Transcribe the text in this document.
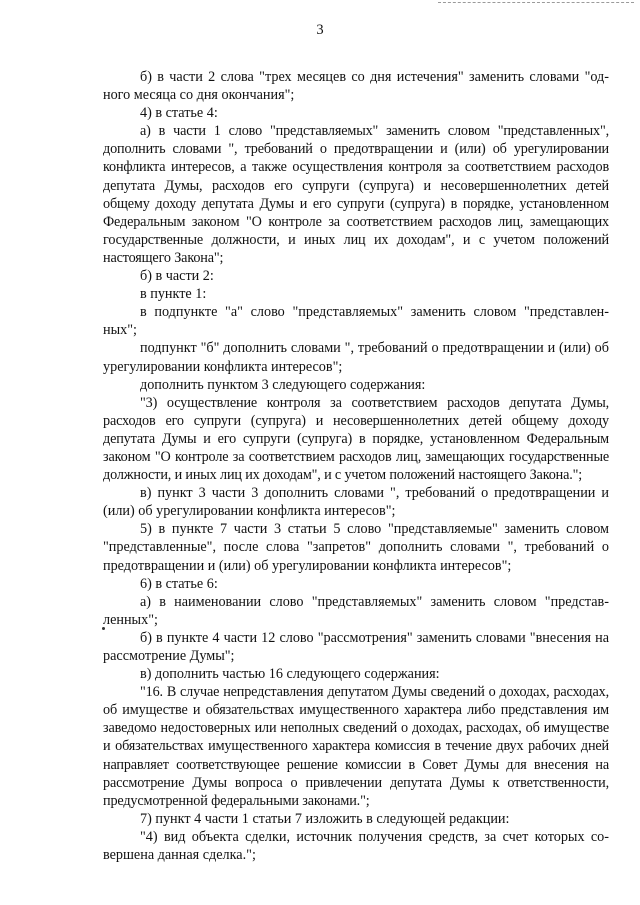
3

б) в части 2 слова "трех месяцев со дня истечения" заменить словами "одного месяца со дня окончания";

4) в статье 4:

а) в части 1 слово "представляемых" заменить словом "представленных", дополнить словами ", требований о предотвращении и (или) об урегулировании конфликта интересов, а также осуществления контроля за соответствием расходов депутата Думы, расходов его супруги (супруга) и несовершеннолетних детей общему доходу депутата Думы и его супруги (супруга) в порядке, установленном Федеральным законом "О контроле за соответствием расходов лиц, замещающих государственные должности, и иных лиц их доходам", и с учетом положений настоящего Закона";

б) в части 2:

в пункте 1:

в подпункте "а" слово "представляемых" заменить словом "представленных";

подпункт "б" дополнить словами ", требований о предотвращении и (или) об урегулировании конфликта интересов";

дополнить пунктом 3 следующего содержания:

"3) осуществление контроля за соответствием расходов депутата Думы, расходов его супруги (супруга) и несовершеннолетних детей общему доходу депутата Думы и его супруги (супруга) в порядке, установленном Федеральным законом "О контроле за соответствием расходов лиц, замещающих государственные должности, и иных лиц их доходам", и с учетом положений настоящего Закона.";

в) пункт 3 части 3 дополнить словами ", требований о предотвращении и (или) об урегулировании конфликта интересов";

5) в пункте 7 части 3 статьи 5 слово "представляемые" заменить словом "представленные", после слова "запретов" дополнить словами ", требований о предотвращении и (или) об урегулировании конфликта интересов";

6) в статье 6:

а) в наименовании слово "представляемых" заменить словом "представленных";

б) в пункте 4 части 12 слово "рассмотрения" заменить словами "внесения на рассмотрение Думы";

в) дополнить частью 16 следующего содержания:

"16. В случае непредставления депутатом Думы сведений о доходах, расходах, об имуществе и обязательствах имущественного характера либо представления им заведомо недостоверных или неполных сведений о доходах, расходах, об имуществе и обязательствах имущественного характера комиссия в течение двух рабочих дней направляет соответствующее решение комиссии в Совет Думы для внесения на рассмотрение Думы вопроса о привлечении депутата Думы к ответственности, предусмотренной федеральными законами.";

7) пункт 4 части 1 статьи 7 изложить в следующей редакции:

"4) вид объекта сделки, источник получения средств, за счет которых совершена данная сделка.";
